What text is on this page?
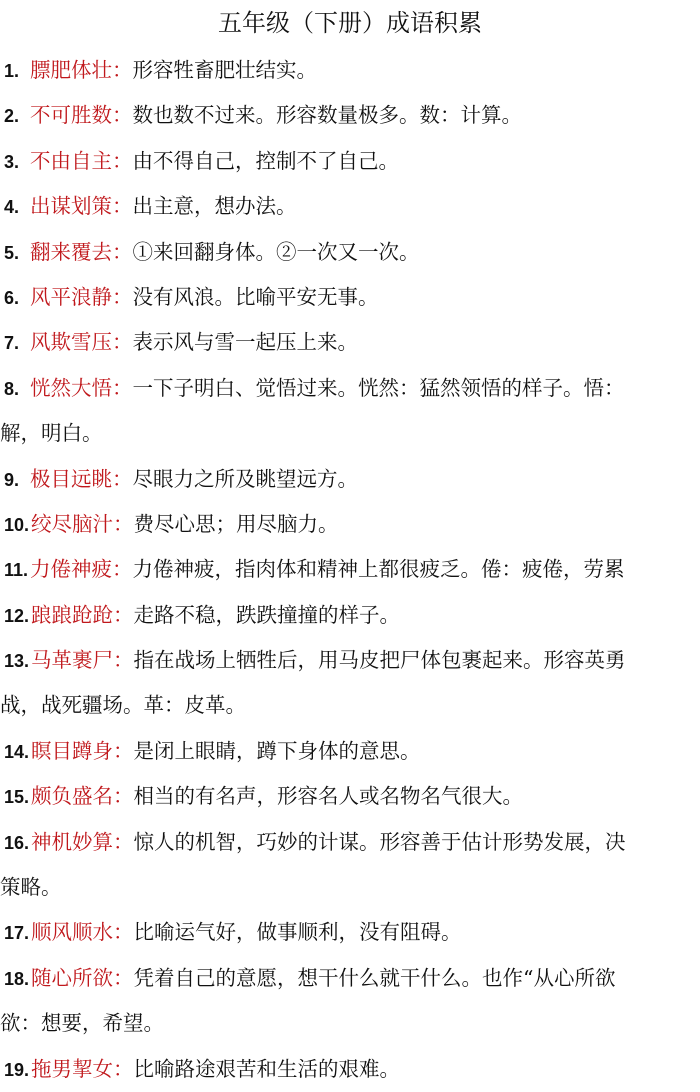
五年级（下册）成语积累
1. 膘肥体壮：形容牲畜肥壮结实。
2. 不可胜数：数也数不过来。形容数量极多。数：计算。
3. 不由自主：由不得自己，控制不了自己。
4. 出谋划策：出主意，想办法。
5. 翻来覆去：①来回翻身体。②一次又一次。
6. 风平浪静：没有风浪。比喻平安无事。
7. 风欺雪压：表示风与雪一起压上来。
8. 恍然大悟：一下子明白、觉悟过来。恍然：猛然领悟的样子。悟：
解，明白。
9. 极目远眺：尽眼力之所及眺望远方。
10.绞尽脑汁：费尽心思；用尽脑力。
11.力倦神疲：力倦神疲，指肉体和精神上都很疲乏。倦：疲倦，劳累
12.踉踉跄跄：走路不稳，跌跌撞撞的样子。
13.马革裹尸：指在战场上牺牲后，用马皮把尸体包裹起来。形容英勇
战，战死疆场。革：皮革。
14.瞑目蹲身：是闭上眼睛，蹲下身体的意思。
15.颇负盛名：相当的有名声，形容名人或名物名气很大。
16.神机妙算：惊人的机智，巧妙的计谋。形容善于估计形势发展，决
策略。
17.顺风顺水：比喻运气好，做事顺利，没有阻碍。
18.随心所欲：凭着自己的意愿，想干什么就干什么。也作“从心所欲
欲：想要，希望。
19.拖男挈女：比喻路途艰苦和生活的艰难。
